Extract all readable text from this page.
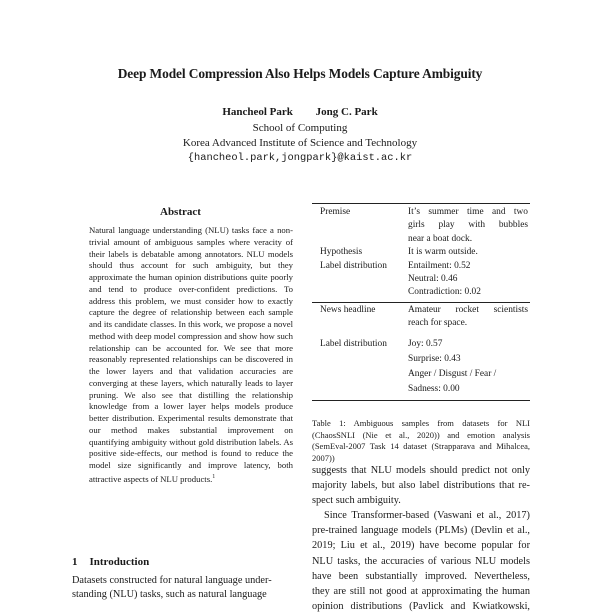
Deep Model Compression Also Helps Models Capture Ambiguity
Hancheol Park Jong C. Park
School of Computing
Korea Advanced Institute of Science and Technology
{hancheol.park,jongpark}@kaist.ac.kr
Abstract
Natural language understanding (NLU) tasks face a non-trivial amount of ambiguous samples where veracity of their labels is debatable among annotators. NLU models should thus account for such ambiguity, but they approximate the human opinion distributions quite poorly and tend to produce over-confident predictions. To address this problem, we must consider how to exactly capture the degree of relationship between each sample and its candidate classes. In this work, we propose a novel method with deep model compression and show how such relationship can be accounted for. We see that more reasonably represented relationships can be discovered in the lower layers and that validation accuracies are converging at these layers, which naturally leads to layer pruning. We also see that distilling the relationship knowledge from a lower layer helps models produce better distribution. Experimental results demonstrate that our method makes substantial improvement on quantifying ambiguity without gold distribution labels. As positive side-effects, our method is found to reduce the model size significantly and improve latency, both attractive aspects of NLU products.$^1$
1 Introduction
Datasets constructed for natural language under-
standing (NLU) tasks, such as natural language
Premise	It’s summer time and two
girls play with bubbles
near a boat dock.
Hypothesis	It is warm outside.
Label distribution	Entailment: 0.52
Neutral: 0.46
Contradiction: 0.02
News headline	Amateur rocket scientists
reach for space.
Label distribution	Joy: 0.57
Surprise: 0.43
Anger / Disgust / Fear /
Sadness: 0.00
Table 1: Ambiguous samples from datasets for NLI (ChaosSNLI (Nie et al., 2020)) and emotion analysis (SemEval-2007 Task 14 dataset (Strapparava and Mihalcea, 2007))
suggests that NLU models should predict not only
majority labels, but also label distributions that re-
spect such ambiguity.
Since Transformer-based (Vaswani et al., 2017)
pre-trained language models (PLMs) (Devlin et al.,
2019; Liu et al., 2019) have become popular for
NLU tasks, the accuracies of various NLU models
have been substantially improved. Nevertheless,
they are still not good at approximating the human
opinion distributions (Pavlick and Kwiatkowski,
